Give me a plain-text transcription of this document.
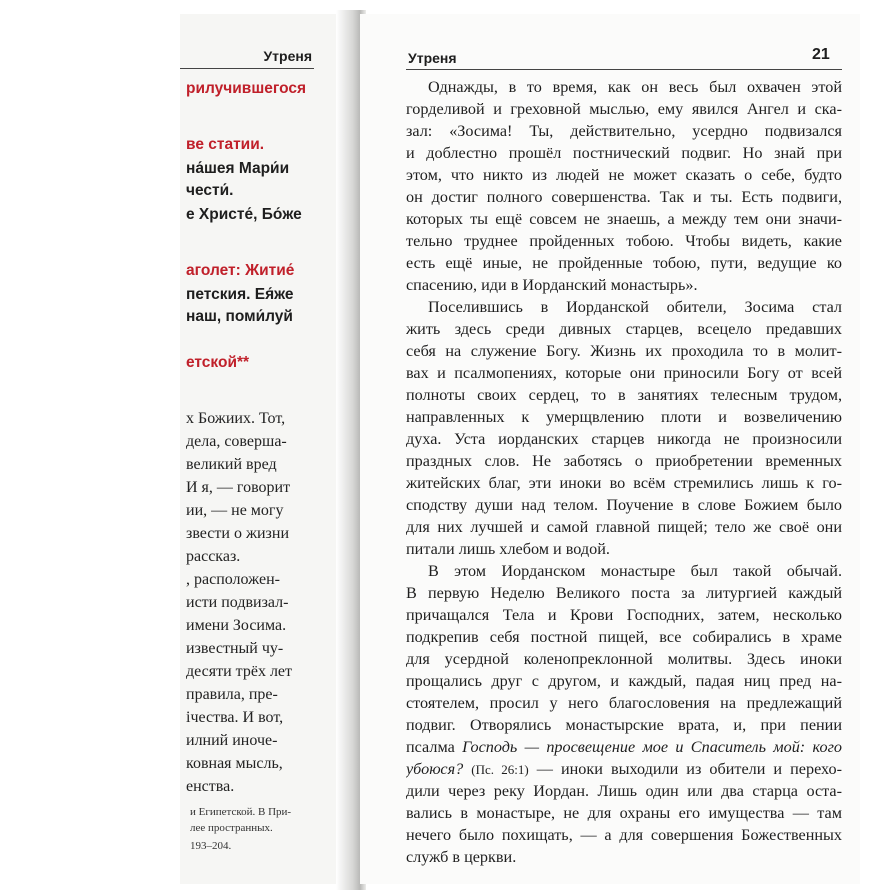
Утреня
рилучившегося
ве статии.
на́шея Мари́и
чести́.
е Христе́, Бо́же
аголет: Житие́
петския. Ея́же
наш, поми́луй
етской**
х Божиих. Тот,
дела, соверша-
великий вред
И я, — говорит
ии, — не могу
звести о жизни
рассказ.
, расположен-
исти подвизал-
имени Зосима.
известный чу-
десяти трёх лет
правила, пре-
ічества. И вот,
илний иноче-
ковная мысль,
енства.
и Египетской. В При-
лее пространных.
193–204.
Утреня	21
Однажды, в то время, как он весь был охвачен этой
горделивой и греховной мыслью, ему явился Ангел и ска-
зал: «Зосима! Ты, действительно, усердно подвизался
и доблестно прошёл постнический подвиг. Но знай при
этом, что никто из людей не может сказать о себе, будто
он достиг полного совершенства. Так и ты. Есть подвиги,
которых ты ещё совсем не знаешь, а между тем они значи-
тельно труднее пройденных тобою. Чтобы видеть, какие
есть ещё иные, не пройденные тобою, пути, ведущие ко
спасению, иди в Иорданский монастырь».
Поселившись в Иорданской обители, Зосима стал
жить здесь среди дивных старцев, всецело предавших
себя на служение Богу. Жизнь их проходила то в молит-
вах и псалмопениях, которые они приносили Богу от всей
полноты своих сердец, то в занятиях телесным трудом,
направленных к умерщвлению плоти и возвеличению
духа. Уста иорданских старцев никогда не произносили
праздных слов. Не заботясь о приобретении временных
житейских благ, эти иноки во всём стремились лишь к го-
сподству души над телом. Поучение в слове Божием было
для них лучшей и самой главной пищей; тело же своё они
питали лишь хлебом и водой.
В этом Иорданском монастыре был такой обычай.
В первую Неделю Великого поста за литургией каждый
причащался Тела и Крови Господних, затем, несколько
подкрепив себя постной пищей, все собирались в храме
для усердной коленопреклонной молитвы. Здесь иноки
прощались друг с другом, и каждый, падая ниц пред на-
стоятелем, просил у него благословения на предлежащий
подвиг. Отворялись монастырские врата, и, при пении
псалма Господь — просвещение мое и Спаситель мой: кого
убоюся? (Пс. 26:1) — иноки выходили из обители и перехо-
дили через реку Иордан. Лишь один или два старца оста-
вались в монастыре, не для охраны его имущества — там
нечего было похищать, — а для совершения Божественных
служб в церкви.
